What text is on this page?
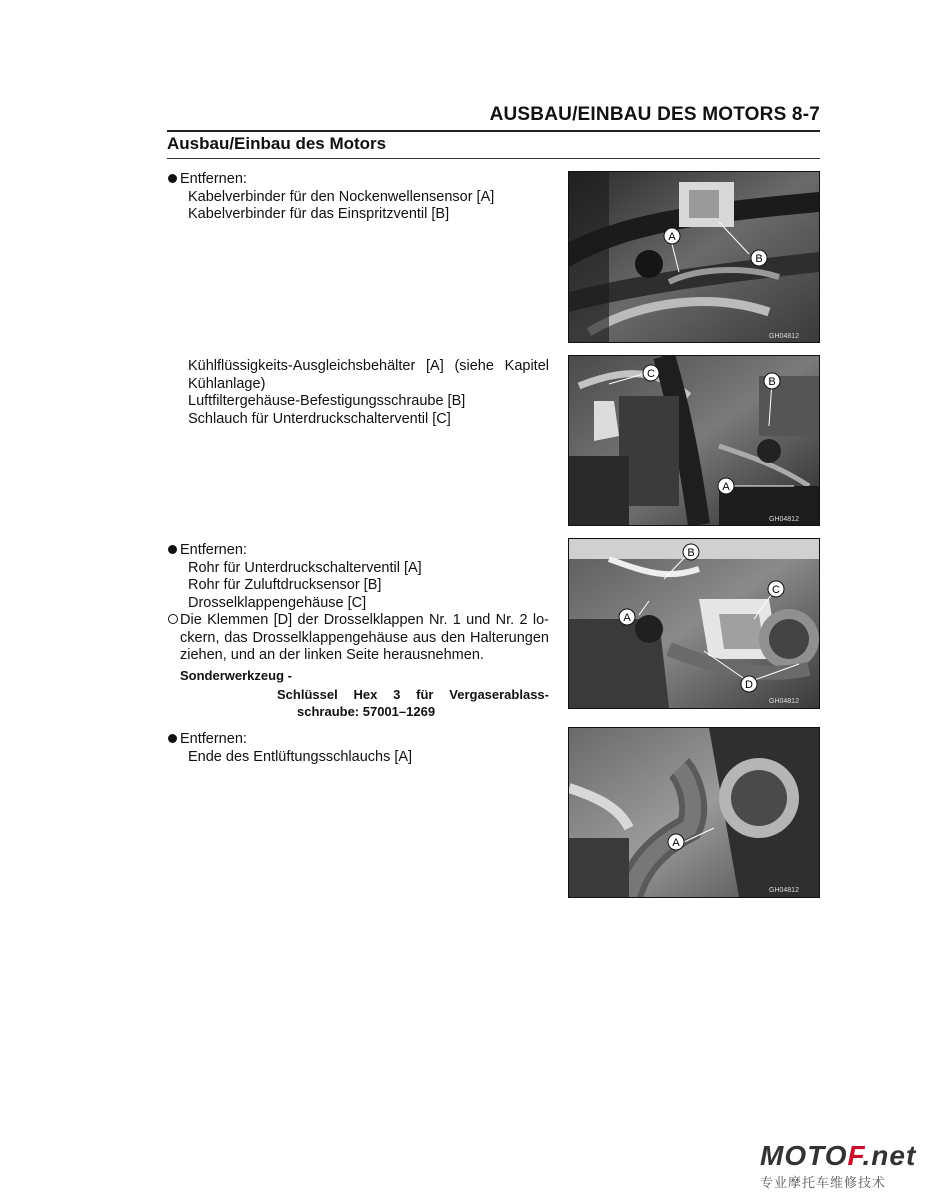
AUSBAU/EINBAU DES MOTORS 8-7
Ausbau/Einbau des Motors
Entfernen:
Kabelverbinder für den Nockenwellensensor [A]
Kabelverbinder für das Einspritzventil [B]
Kühlflüssigkeits-Ausgleichsbehälter [A] (siehe Kapitel
Kühlanlage)
Luftfiltergehäuse-Befestigungsschraube [B]
Schlauch für Unterdruckschalterventil [C]
Entfernen:
Rohr für Unterdruckschalterventil [A]
Rohr für Zuluftdrucksensor [B]
Drosselklappengehäuse [C]
Die Klemmen [D] der Drosselklappen Nr. 1 und Nr. 2 lo-
ckern, das Drosselklappengehäuse aus den Halterungen
ziehen, und an der linken Seite herausnehmen.
Sonderwerkzeug -
Schlüssel Hex 3 für Vergaserablass-
schraube: 57001–1269
Entfernen:
Ende des Entlüftungsschlauchs [A]
A
B
GH04812
C
B
A
GH04812
B
C
A
D
GH04812
A
GH04812
MOTOF.net
专业摩托车维修技术
